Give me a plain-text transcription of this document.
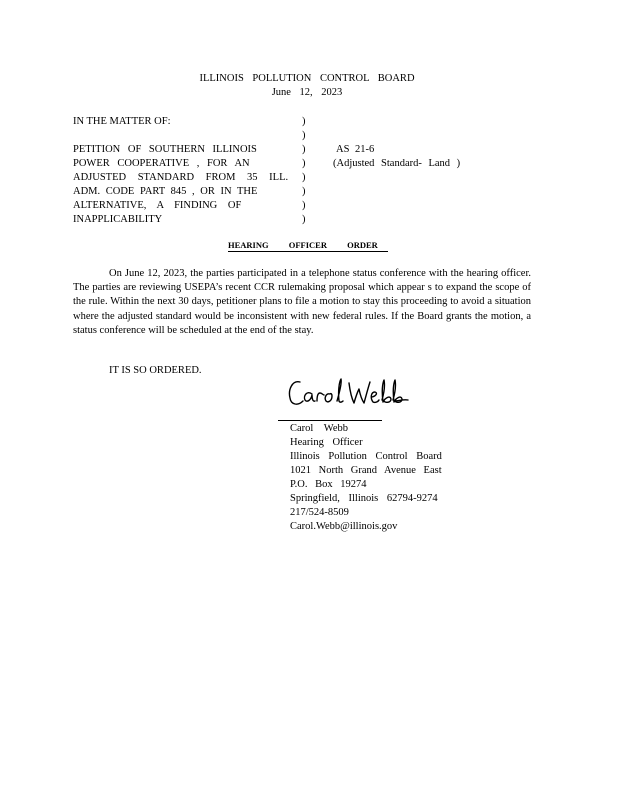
ILLINOIS POLLUTION CONTROL BOARD
June 12, 2023
IN THE MATTER OF:
PETITION OF SOUTHERN ILLINOIS
POWER COOPERATIVE , FOR AN
ADJUSTED STANDARD FROM 35 ILL.
ADM. CODE PART 845 , OR IN THE
ALTERNATIVE, A FINDING OF
INAPPLICABILITY
)
)
)
)
)
)
)
)
AS 21-6
(Adjusted Standard- Land )
HEARING OFFICER ORDER
On June 12, 2023, the parties participated in a telephone status conference with the hearing officer. The parties are reviewing USEPA’s recent CCR rulemaking proposal which appear s to expand the scope of the rule. Within the next 30 days, petitioner plans to file a motion to stay this proceeding to avoid a situation where the adjusted standard would be inconsistent with new federal rules. If the Board grants the motion, a status conference will be scheduled at the end of the stay.
IT IS SO ORDERED.
Carol Webb
Hearing Officer
Illinois Pollution Control Board
1021 North Grand Avenue East
P.O. Box 19274
Springfield, Illinois 62794-9274
217/524-8509
Carol.Webb@illinois.gov
